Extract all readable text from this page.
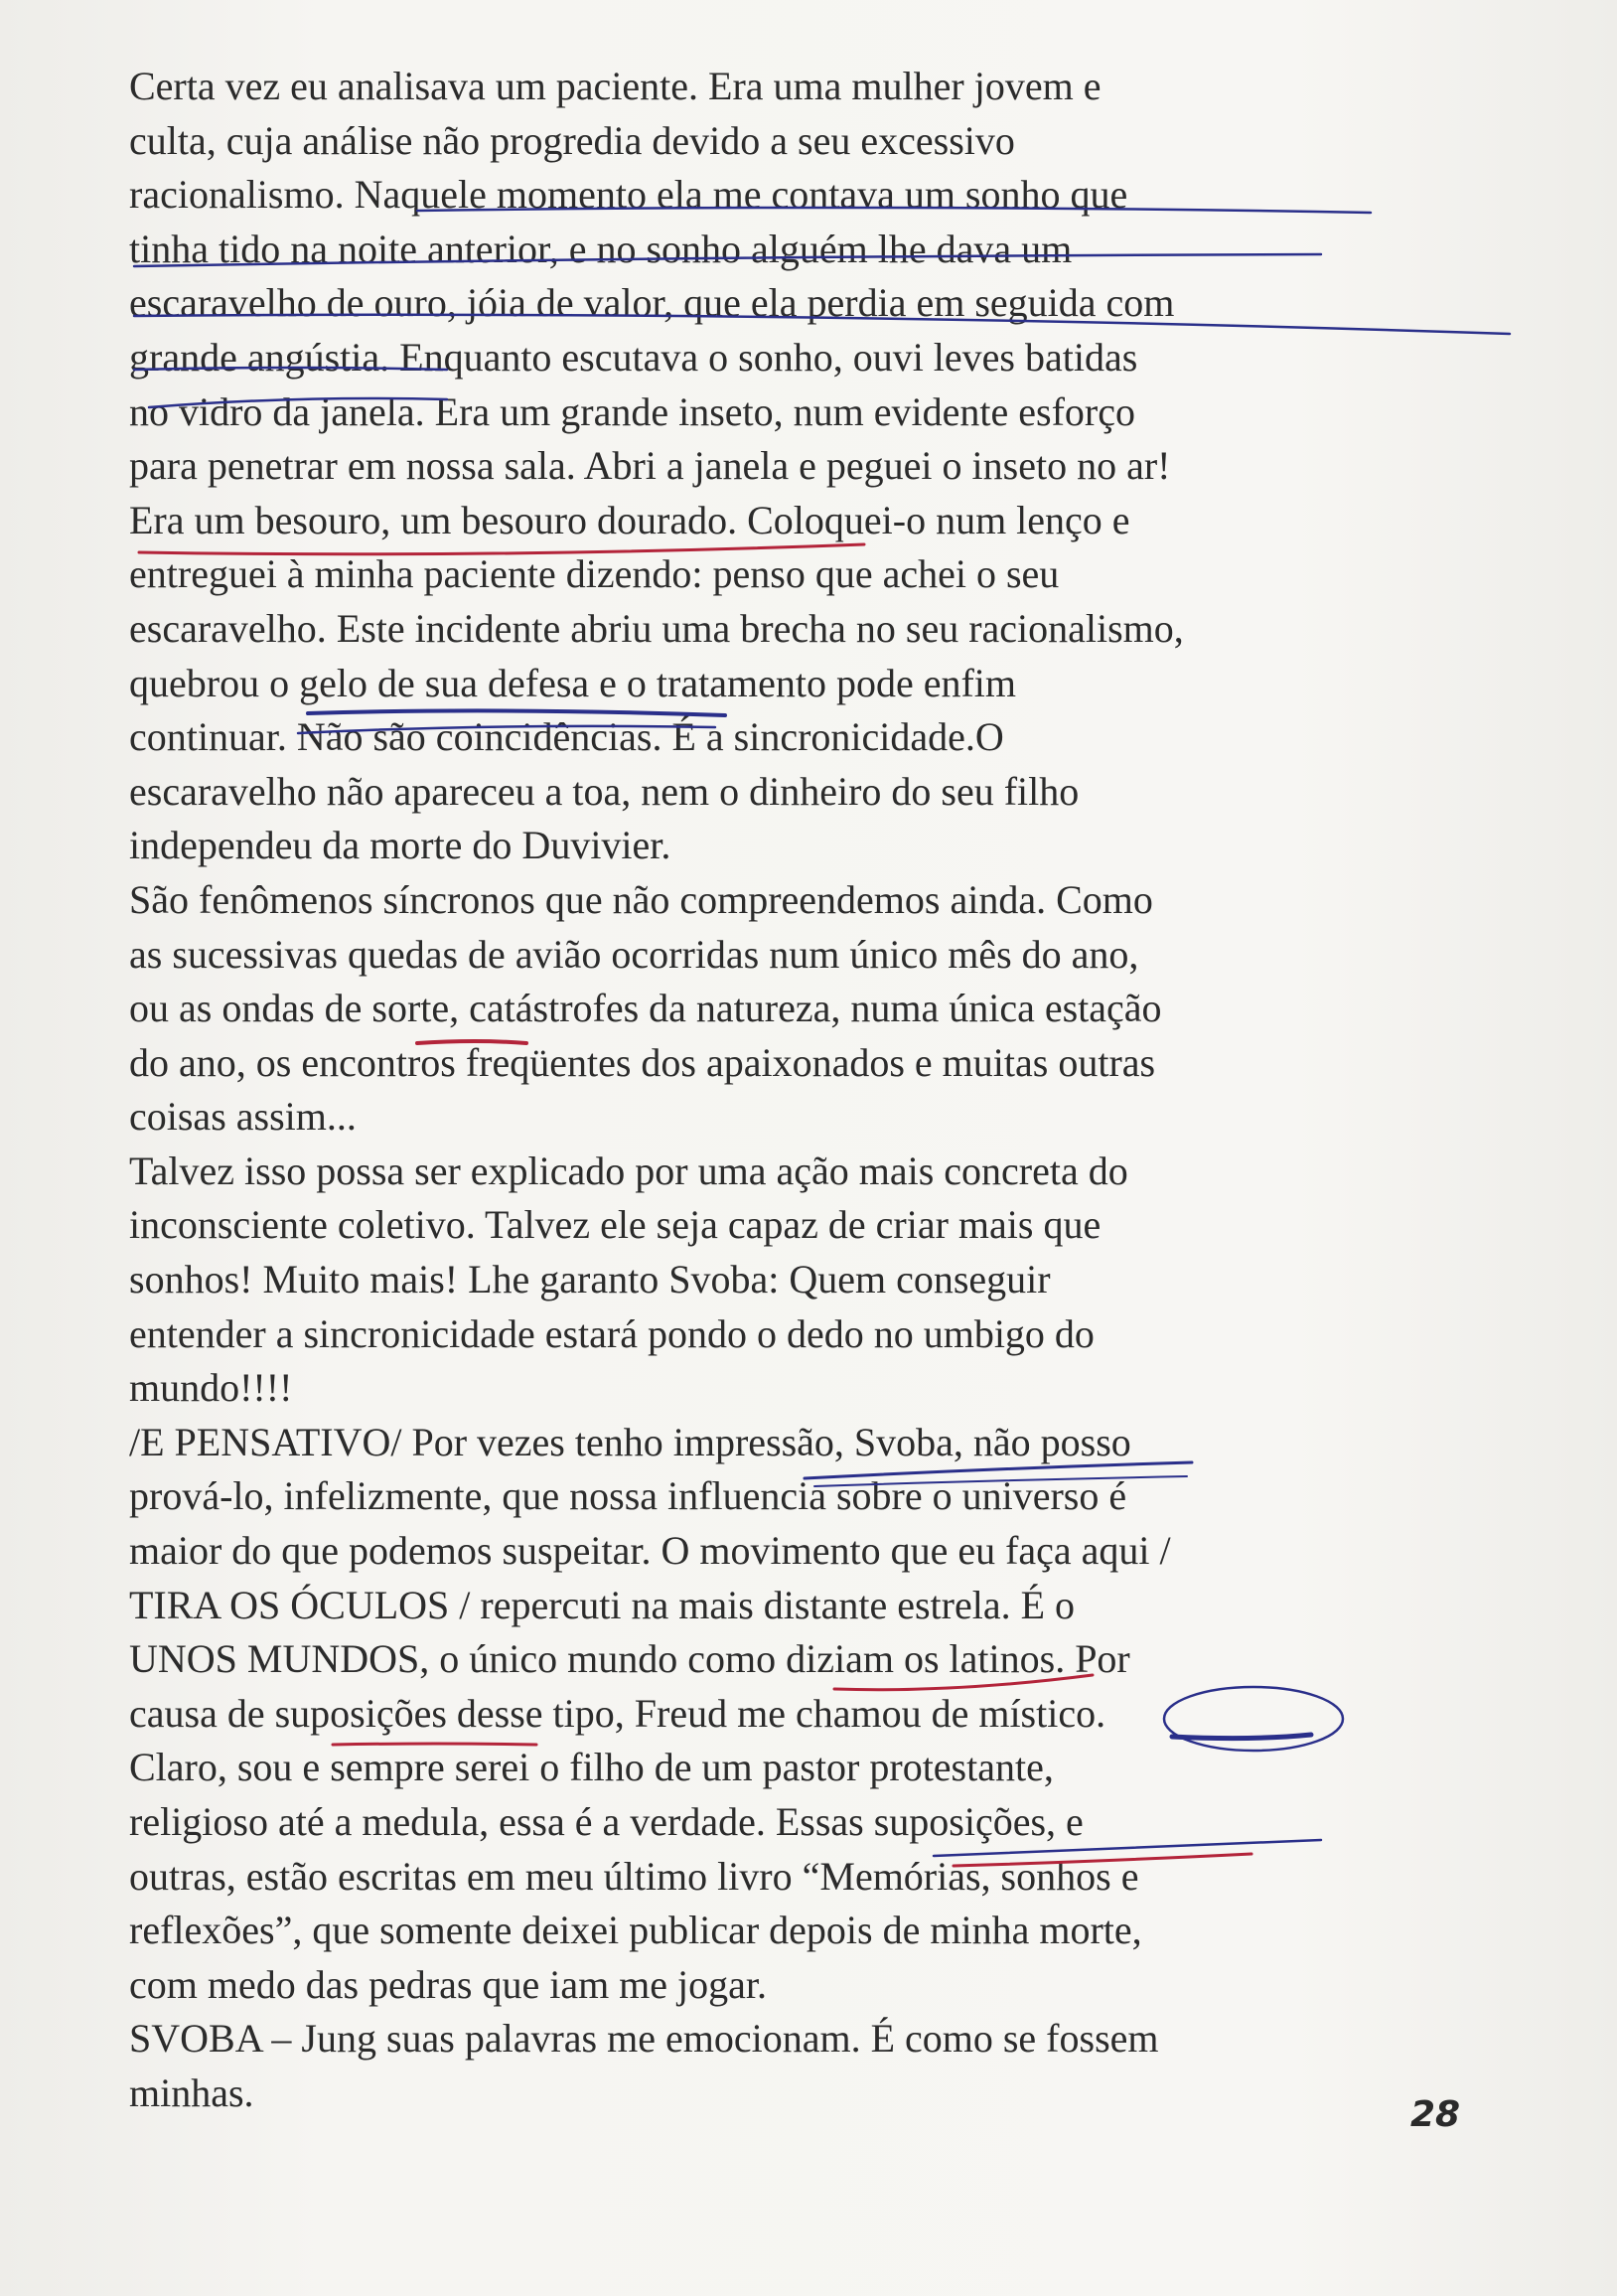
Certa vez eu analisava um paciente. Era uma mulher jovem e
culta, cuja análise não progredia devido a seu excessivo
racionalismo. Naquele momento ela me contava um sonho que
tinha tido na noite anterior, e no sonho alguém lhe dava um
escaravelho de ouro, jóia de valor, que ela perdia em seguida com
grande angústia. Enquanto escutava o sonho, ouvi leves batidas
no vidro da janela. Era um grande inseto, num evidente esforço
para penetrar em nossa sala. Abri a janela e peguei o inseto no ar!
Era um besouro, um besouro dourado. Coloquei-o num lenço e
entreguei à minha paciente dizendo: penso que achei o seu
escaravelho. Este incidente abriu uma brecha no seu racionalismo,
quebrou o gelo de sua defesa e o tratamento pode enfim
continuar. Não são coincidências. É a sincronicidade.O
escaravelho não apareceu a toa, nem o dinheiro do seu filho
independeu da morte do Duvivier.
São fenômenos síncronos que não compreendemos ainda. Como
as sucessivas quedas de avião ocorridas num único mês do ano,
ou as ondas de sorte, catástrofes da natureza, numa única estação
do ano, os encontros freqüentes dos apaixonados e muitas outras
coisas assim...
Talvez isso possa ser explicado por uma ação mais concreta do
inconsciente coletivo. Talvez ele seja capaz de criar mais que
sonhos! Muito mais! Lhe garanto Svoba: Quem conseguir
entender a sincronicidade estará pondo o dedo no umbigo do
mundo!!!!
/E PENSATIVO/ Por vezes tenho impressão, Svoba, não posso
prová-lo, infelizmente, que nossa influencia sobre o universo é
maior do que podemos suspeitar. O movimento que eu faça aqui /
TIRA OS ÓCULOS / repercuti na mais distante estrela. É o
UNOS MUNDOS, o único mundo como diziam os latinos. Por
causa de suposições desse tipo, Freud me chamou de místico.
Claro, sou e sempre serei o filho de um pastor protestante,
religioso até a medula, essa é a verdade. Essas suposições, e
outras, estão escritas em meu último livro “Memórias, sonhos e
reflexões”, que somente deixei publicar depois de minha morte,
com medo das pedras que iam me jogar.
SVOBA – Jung suas palavras me emocionam. É como se fossem
minhas.	28
